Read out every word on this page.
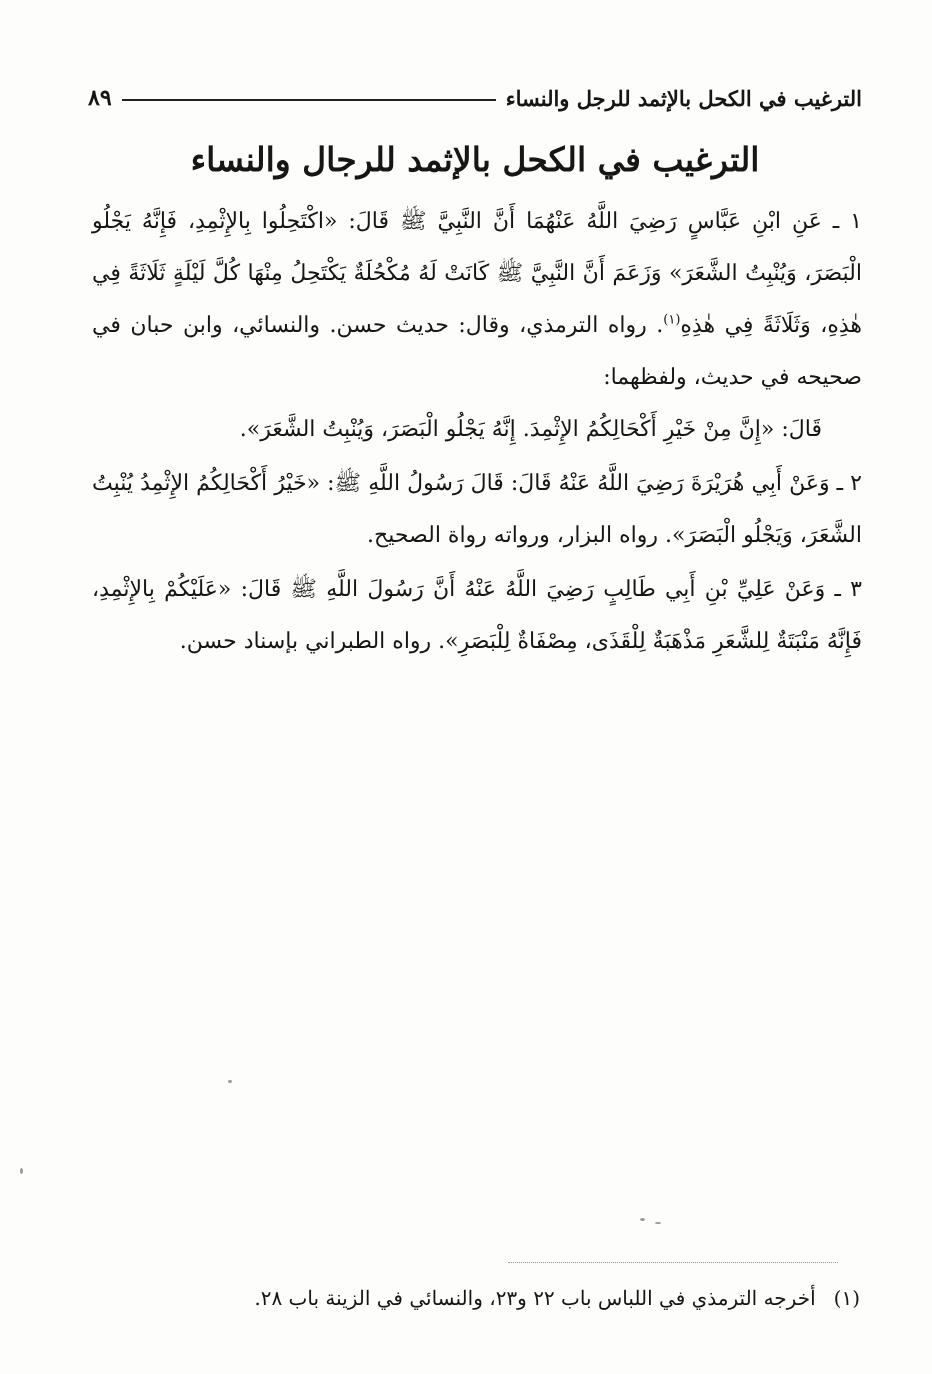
الترغيب في الكحل بالإثمد للرجل والنساء
٨٩
الترغيب في الكحل بالإثمد للرجال والنساء

١ ـ عَنِ ابْنِ عَبَّاسٍ رَضِيَ اللَّهُ عَنْهُمَا أَنَّ النَّبِيَّ ﷺ قَالَ: «اكْتَحِلُوا بِالإِثْمِدِ، فَإِنَّهُ يَجْلُو الْبَصَرَ، وَيُنْبِتُ الشَّعَرَ» وَزَعَمَ أَنَّ النَّبِيَّ ﷺ كَانَتْ لَهُ مُكْحُلَةٌ يَكْتَحِلُ مِنْهَا كُلَّ لَيْلَةٍ ثَلَاثَةً فِي هٰذِهِ، وَثَلَاثَةً فِي هٰذِهِ$^{(١)}$. رواه الترمذي، وقال: حديث حسن. والنسائي، وابن حبان في صحيحه في حديث، ولفظهما:

قَالَ: «إِنَّ مِنْ خَيْرِ أَكْحَالِكُمُ الإِثْمِدَ. إِنَّهُ يَجْلُو الْبَصَرَ، وَيُنْبِتُ الشَّعَرَ».

٢ ـ وَعَنْ أَبِي هُرَيْرَةَ رَضِيَ اللَّهُ عَنْهُ قَالَ: قَالَ رَسُولُ اللَّهِ ﷺ: «خَيْرُ أَكْحَالِكُمُ الإِثْمِدُ يُنْبِتُ الشَّعَرَ، وَيَجْلُو الْبَصَرَ». رواه البزار، ورواته رواة الصحيح.

٣ ـ وَعَنْ عَلِيِّ بْنِ أَبِي طَالِبٍ رَضِيَ اللَّهُ عَنْهُ أَنَّ رَسُولَ اللَّهِ ﷺ قَالَ: «عَلَيْكُمْ بِالإِثْمِدِ، فَإِنَّهُ مَنْبَتَةٌ لِلشَّعَرِ مَذْهَبَةٌ لِلْقَذَى، مِصْفَاةٌ لِلْبَصَرِ». رواه الطبراني بإسناد حسن.

(١)أخرجه الترمذي في اللباس باب ٢٢ و٢٣، والنسائي في الزينة باب ٢٨.
